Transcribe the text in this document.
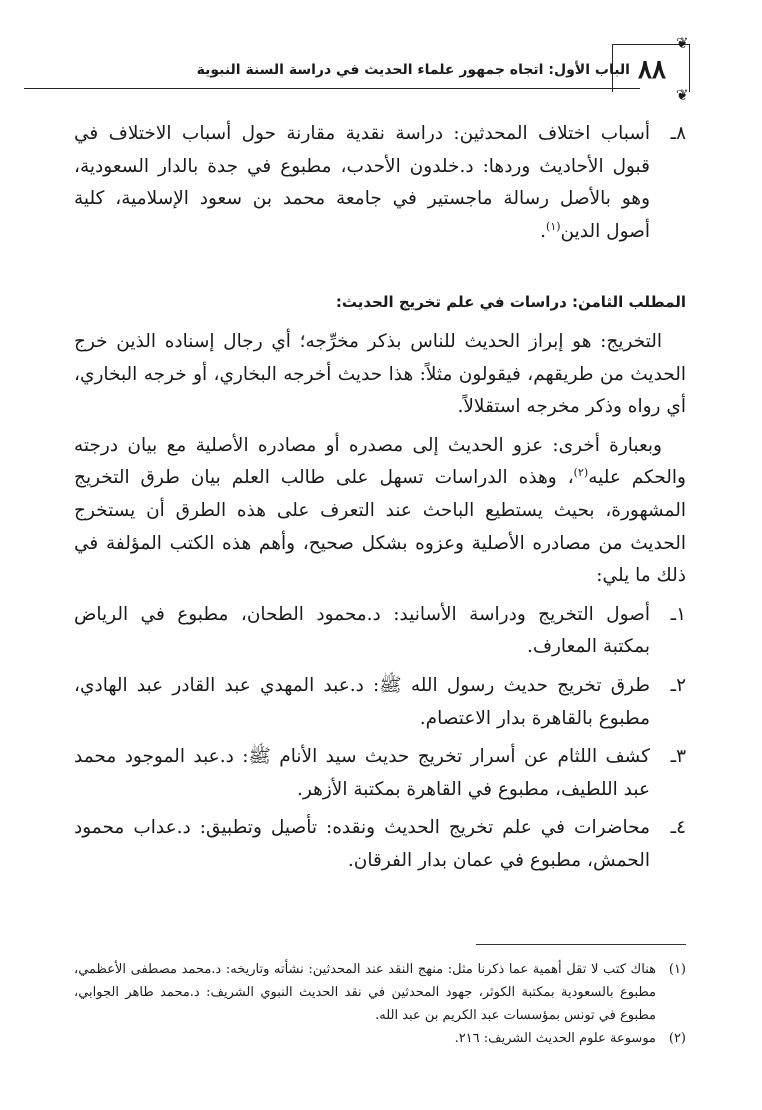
الباب الأول: اتجاه جمهور علماء الحديث في دراسة السنة النبوية
❦
❦
٨٨
٨ـ
أسباب اختلاف المحدثين: دراسة نقدية مقارنة حول أسباب الاختلاف في قبول الأحاديث وردها: د.خلدون الأحدب، مطبوع في جدة بالدار السعودية، وهو بالأصل رسالة ماجستير في جامعة محمد بن سعود الإسلامية، كلية أصول الدين$^{(١)}$.

المطلب الثامن: دراسات في علم تخريج الحديث:

التخريج: هو إبراز الحديث للناس بذكر مخرِّجه؛ أي رجال إسناده الذين خرج الحديث من طريقهم، فيقولون مثلاً: هذا حديث أخرجه البخاري، أو خرجه البخاري، أي رواه وذكر مخرجه استقلالاً.

وبعبارة أخرى: عزو الحديث إلى مصدره أو مصادره الأصلية مع بيان درجته والحكم عليه$^{(٢)}$، وهذه الدراسات تسهل على طالب العلم بيان طرق التخريج المشهورة، بحيث يستطيع الباحث عند التعرف على هذه الطرق أن يستخرج الحديث من مصادره الأصلية وعزوه بشكل صحيح، وأهم هذه الكتب المؤلفة في ذلك ما يلي:

١ـ
أصول التخريج ودراسة الأسانيد: د.محمود الطحان، مطبوع في الرياض بمكتبة المعارف.
٢ـ
طرق تخريج حديث رسول الله ﷺ: د.عبد المهدي عبد القادر عبد الهادي، مطبوع بالقاهرة بدار الاعتصام.
٣ـ
كشف اللثام عن أسرار تخريج حديث سيد الأنام ﷺ: د.عبد الموجود محمد عبد اللطيف، مطبوع في القاهرة بمكتبة الأزهر.
٤ـ
محاضرات في علم تخريج الحديث ونقده: تأصيل وتطبيق: د.عداب محمود الحمش، مطبوع في عمان بدار الفرقان.
(١)
هناك كتب لا تقل أهمية عما ذكرنا مثل: منهج النقد عند المحدثين: نشأته وتاريخه: د.محمد مصطفى الأعظمي، مطبوع بالسعودية بمكتبة الكوثر، جهود المحدثين في نقد الحديث النبوي الشريف: د.محمد طاهر الجوابي، مطبوع في تونس بمؤسسات عبد الكريم بن عبد الله.
(٢)
موسوعة علوم الحديث الشريف: ٢١٦.
